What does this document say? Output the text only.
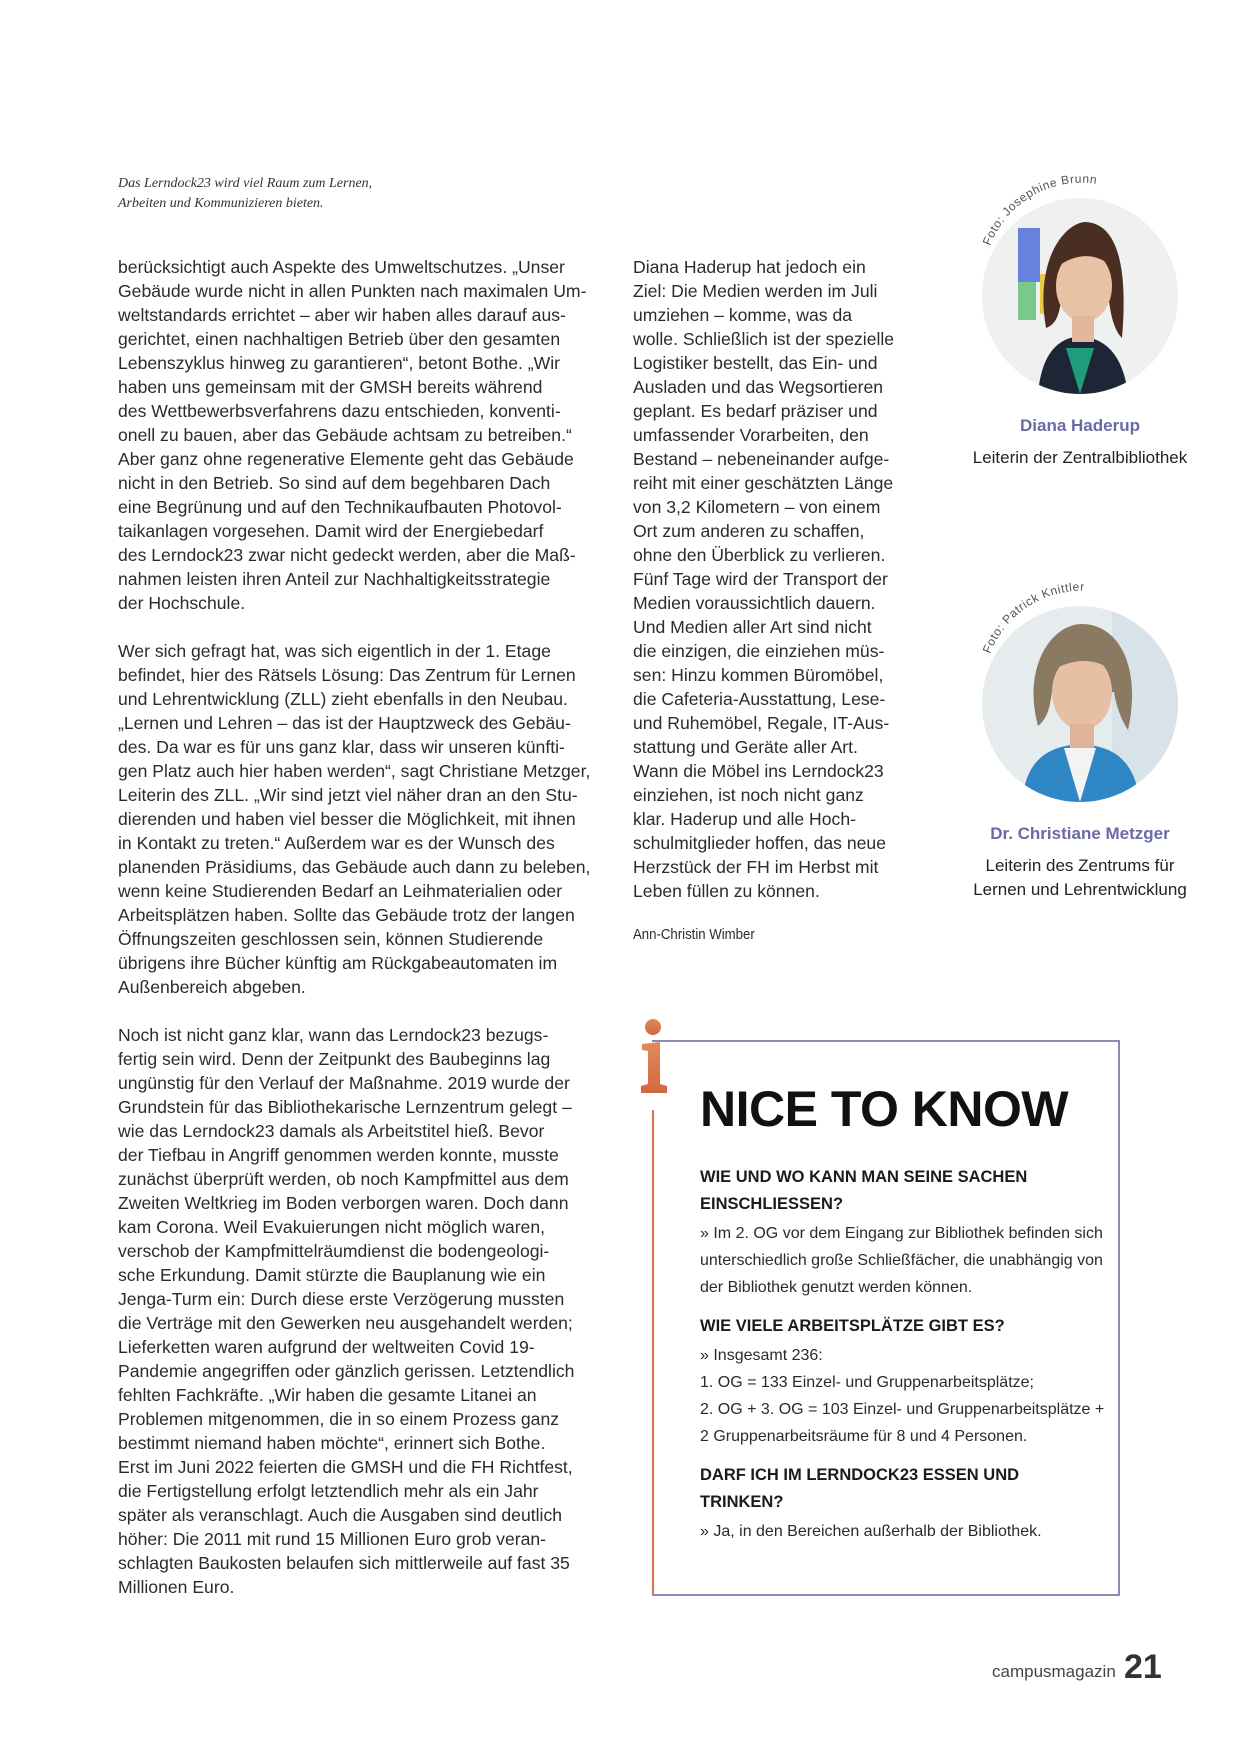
Das Lerndock23 wird viel Raum zum Lernen,
Arbeiten und Kommunizieren bieten.

berücksichtigt auch Aspekte des Umweltschutzes. „Unser
Gebäude wurde nicht in allen Punkten nach maximalen Um-
weltstandards errichtet – aber wir haben alles darauf aus-
gerichtet, einen nachhaltigen Betrieb über den gesamten
Lebenszyklus hinweg zu garantieren“, betont Bothe. „Wir
haben uns gemeinsam mit der GMSH bereits während
des Wettbewerbsverfahrens dazu entschieden, konventi-
onell zu bauen, aber das Gebäude achtsam zu betreiben.“
Aber ganz ohne regenerative Elemente geht das Gebäude
nicht in den Betrieb. So sind auf dem begehbaren Dach
eine Begrünung und auf den Technikaufbauten Photovol-
taikanlagen vorgesehen. Damit wird der Energiebedarf
des Lerndock23 zwar nicht gedeckt werden, aber die Maß-
nahmen leisten ihren Anteil zur Nachhaltigkeitsstrategie
der Hochschule.

Wer sich gefragt hat, was sich eigentlich in der 1. Etage
befindet, hier des Rätsels Lösung: Das Zentrum für Lernen
und Lehrentwicklung (ZLL) zieht ebenfalls in den Neubau.
„Lernen und Lehren – das ist der Hauptzweck des Gebäu-
des. Da war es für uns ganz klar, dass wir unseren künfti-
gen Platz auch hier haben werden“, sagt Christiane Metzger,
Leiterin des ZLL. „Wir sind jetzt viel näher dran an den Stu-
dierenden und haben viel besser die Möglichkeit, mit ihnen
in Kontakt zu treten.“ Außerdem war es der Wunsch des
planenden Präsidiums, das Gebäude auch dann zu beleben,
wenn keine Studierenden Bedarf an Leihmaterialien oder
Arbeitsplätzen haben. Sollte das Gebäude trotz der langen
Öffnungszeiten geschlossen sein, können Studierende
übrigens ihre Bücher künftig am Rückgabeautomaten im
Außenbereich abgeben.

Noch ist nicht ganz klar, wann das Lerndock23 bezugs-
fertig sein wird. Denn der Zeitpunkt des Baubeginns lag
ungünstig für den Verlauf der Maßnahme. 2019 wurde der
Grundstein für das Bibliothekarische Lernzentrum gelegt –
wie das Lerndock23 damals als Arbeitstitel hieß. Bevor
der Tiefbau in Angriff genommen werden konnte, musste
zunächst überprüft werden, ob noch Kampfmittel aus dem
Zweiten Weltkrieg im Boden verborgen waren. Doch dann
kam Corona. Weil Evakuierungen nicht möglich waren,
verschob der Kampfmittelräumdienst die bodengeologi-
sche Erkundung. Damit stürzte die Bauplanung wie ein
Jenga-Turm ein: Durch diese erste Verzögerung mussten
die Verträge mit den Gewerken neu ausgehandelt werden;
Lieferketten waren aufgrund der weltweiten Covid 19-
Pandemie angegriffen oder gänzlich gerissen. Letztendlich
fehlten Fachkräfte. „Wir haben die gesamte Litanei an
Problemen mitgenommen, die in so einem Prozess ganz
bestimmt niemand haben möchte“, erinnert sich Bothe.
Erst im Juni 2022 feierten die GMSH und die FH Richtfest,
die Fertigstellung erfolgt letztendlich mehr als ein Jahr
später als veranschlagt. Auch die Ausgaben sind deutlich
höher: Die 2011 mit rund 15 Millionen Euro grob veran-
schlagten Baukosten belaufen sich mittlerweile auf fast 35
Millionen Euro.

Diana Haderup hat jedoch ein
Ziel: Die Medien werden im Juli
umziehen – komme, was da
wolle. Schließlich ist der spezielle
Logistiker bestellt, das Ein- und
Ausladen und das Wegsortieren
geplant. Es bedarf präziser und
umfassender Vorarbeiten, den
Bestand – nebeneinander aufge-
reiht mit einer geschätzten Länge
von 3,2 Kilometern – von einem
Ort zum anderen zu schaffen,
ohne den Überblick zu verlieren.
Fünf Tage wird der Transport der
Medien voraussichtlich dauern.
Und Medien aller Art sind nicht
die einzigen, die einziehen müs-
sen: Hinzu kommen Büromöbel,
die Cafeteria-Ausstattung, Lese-
und Ruhemöbel, Regale, IT-Aus-
stattung und Geräte aller Art.
Wann die Möbel ins Lerndock23
einziehen, ist noch nicht ganz
klar. Haderup und alle Hoch-
schulmitglieder hoffen, das neue
Herzstück der FH im Herbst mit
Leben füllen zu können.

Ann-Christin Wimber
Foto: Josephine Brunn
Diana Haderup
Leiterin der Zentralbibliothek
Foto: Patrick Knittler
Dr. Christiane Metzger
Leiterin des Zentrums für
Lernen und Lehrentwicklung
NICE TO KNOW
WIE UND WO KANN MAN SEINE SACHEN
EINSCHLIESSEN?
» Im 2. OG vor dem Eingang zur Bibliothek befinden sich
unterschiedlich große Schließfächer, die unabhängig von
der Bibliothek genutzt werden können.
WIE VIELE ARBEITSPLÄTZE GIBT ES?
» Insgesamt 236:
1. OG = 133 Einzel- und Gruppenarbeitsplätze;
2. OG + 3. OG = 103 Einzel- und Gruppenarbeitsplätze +
2 Gruppenarbeitsräume für 8 und 4 Personen.
DARF ICH IM LERNDOCK23 ESSEN UND
TRINKEN?
» Ja, in den Bereichen außerhalb der Bibliothek.
campusmagazin 21
